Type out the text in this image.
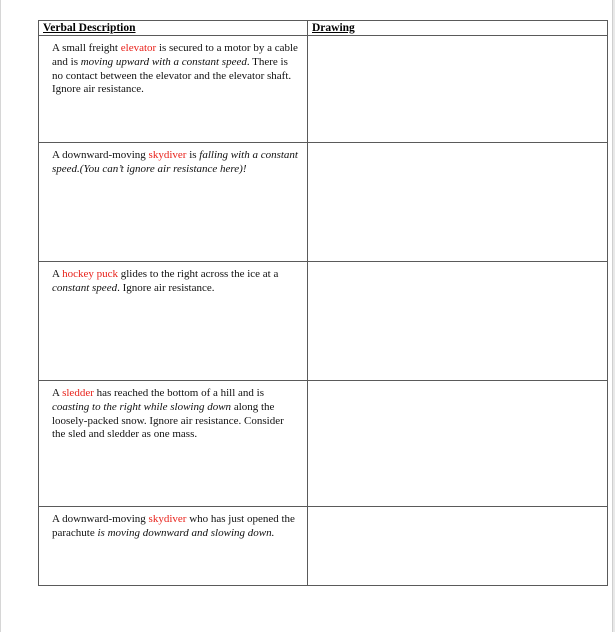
Verbal Description	Drawing

A small freight elevator is secured to a motor by a cable and is moving upward with a constant speed. There is no contact between the elevator and the elevator shaft. Ignore air resistance.	

A downward-moving skydiver is falling with a constant speed.(You can’t ignore air resistance here)!	

A hockey puck glides to the right across the ice at a constant speed. Ignore air resistance.	

A sledder has reached the bottom of a hill and is coasting to the right while slowing down along the loosely-packed snow. Ignore air resistance. Consider the sled and sledder as one mass.	

A downward-moving skydiver who has just opened the parachute is moving downward and slowing down.	
